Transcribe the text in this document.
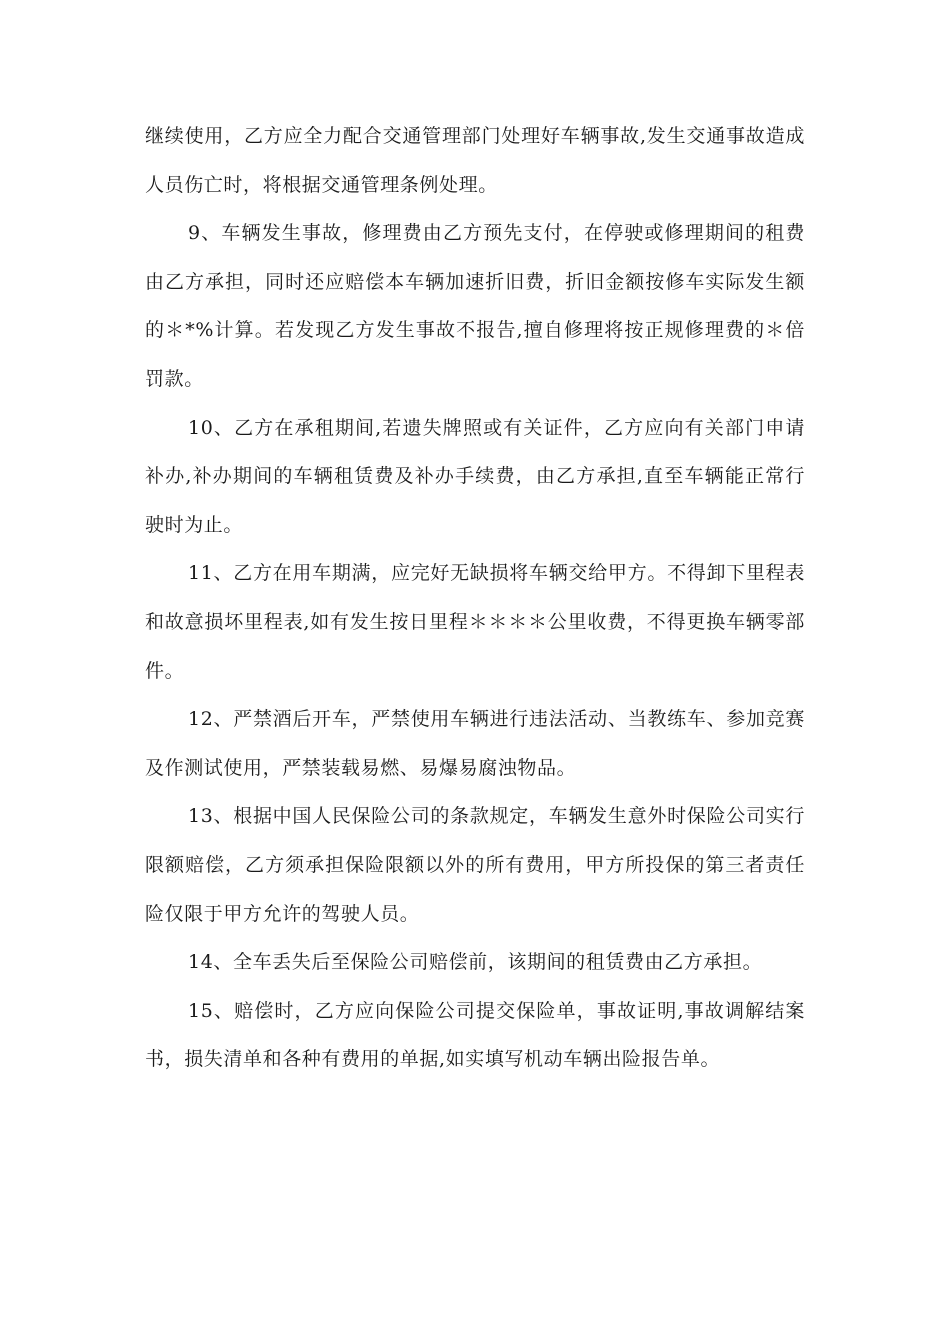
继续使用，乙方应全力配合交通管理部门处理好车辆事故,发生交通事故造成人员伤亡时，将根据交通管理条例处理。

9、车辆发生事故，修理费由乙方预先支付，在停驶或修理期间的租费由乙方承担，同时还应赔偿本车辆加速折旧费，折旧金额按修车实际发生额的＊*%计算。若发现乙方发生事故不报告,擅自修理将按正规修理费的＊倍罚款。

10、乙方在承租期间,若遗失牌照或有关证件，乙方应向有关部门申请补办,补办期间的车辆租赁费及补办手续费，由乙方承担,直至车辆能正常行驶时为止。

11、乙方在用车期满，应完好无缺损将车辆交给甲方。不得卸下里程表和故意损坏里程表,如有发生按日里程＊＊＊＊公里收费，不得更换车辆零部件。

12、严禁酒后开车，严禁使用车辆进行违法活动、当教练车、参加竞赛及作测试使用，严禁装载易燃、易爆易腐浊物品。

13、根据中国人民保险公司的条款规定，车辆发生意外时保险公司实行限额赔偿，乙方须承担保险限额以外的所有费用，甲方所投保的第三者责任险仅限于甲方允许的驾驶人员。

14、全车丢失后至保险公司赔偿前，该期间的租赁费由乙方承担。

15、赔偿时，乙方应向保险公司提交保险单，事故证明,事故调解结案书，损失清单和各种有费用的单据,如实填写机动车辆出险报告单。
